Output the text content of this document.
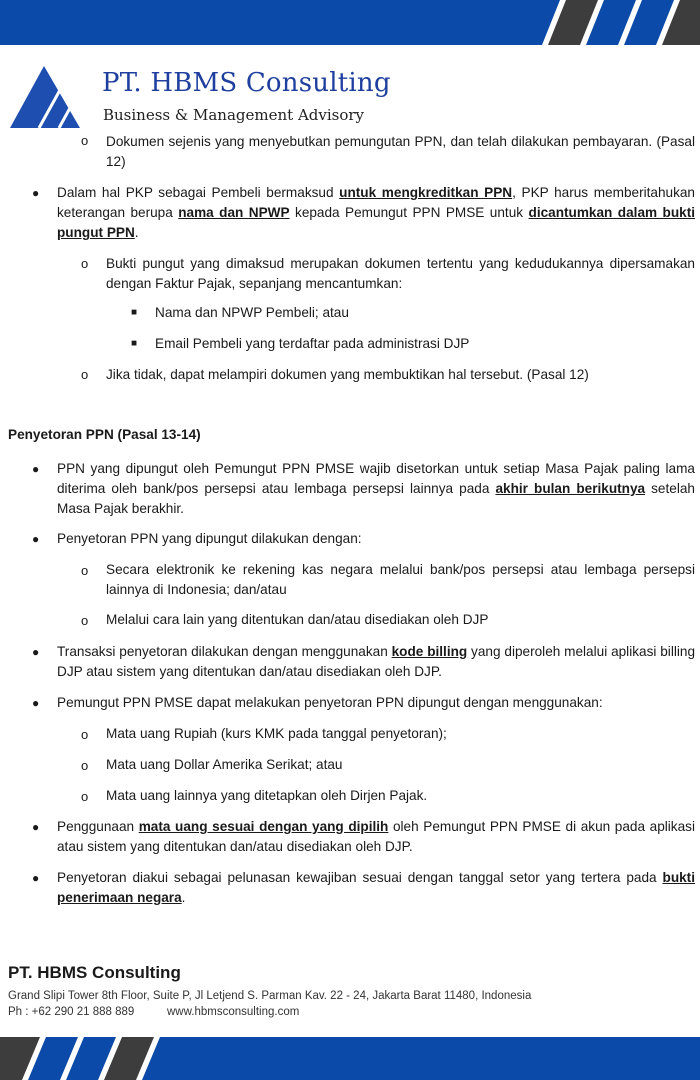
PT. HBMS Consulting
Business & Management Advisory
o Dokumen sejenis yang menyebutkan pemungutan PPN, dan telah dilakukan pembayaran. (Pasal 12)
● Dalam hal PKP sebagai Pembeli bermaksud untuk mengkreditkan PPN, PKP harus memberitahukan keterangan berupa nama dan NPWP kepada Pemungut PPN PMSE untuk dicantumkan dalam bukti pungut PPN.
o Bukti pungut yang dimaksud merupakan dokumen tertentu yang kedudukannya dipersamakan dengan Faktur Pajak, sepanjang mencantumkan:
■ Nama dan NPWP Pembeli; atau
■ Email Pembeli yang terdaftar pada administrasi DJP
o Jika tidak, dapat melampiri dokumen yang membuktikan hal tersebut. (Pasal 12)
Penyetoran PPN (Pasal 13-14)
● PPN yang dipungut oleh Pemungut PPN PMSE wajib disetorkan untuk setiap Masa Pajak paling lama diterima oleh bank/pos persepsi atau lembaga persepsi lainnya pada akhir bulan berikutnya setelah Masa Pajak berakhir.
● Penyetoran PPN yang dipungut dilakukan dengan:
o Secara elektronik ke rekening kas negara melalui bank/pos persepsi atau lembaga persepsi lainnya di Indonesia; dan/atau
o Melalui cara lain yang ditentukan dan/atau disediakan oleh DJP
● Transaksi penyetoran dilakukan dengan menggunakan kode billing yang diperoleh melalui aplikasi billing DJP atau sistem yang ditentukan dan/atau disediakan oleh DJP.
● Pemungut PPN PMSE dapat melakukan penyetoran PPN dipungut dengan menggunakan:
o Mata uang Rupiah (kurs KMK pada tanggal penyetoran);
o Mata uang Dollar Amerika Serikat; atau
o Mata uang lainnya yang ditetapkan oleh Dirjen Pajak.
● Penggunaan mata uang sesuai dengan yang dipilih oleh Pemungut PPN PMSE di akun pada aplikasi atau sistem yang ditentukan dan/atau disediakan oleh DJP.
● Penyetoran diakui sebagai pelunasan kewajiban sesuai dengan tanggal setor yang tertera pada bukti penerimaan negara.
PT. HBMS Consulting
Grand Slipi Tower 8th Floor, Suite P, Jl Letjend S. Parman Kav. 22 - 24, Jakarta Barat 11480, Indonesia
Ph : +62 290 21 888 889	www.hbmsconsulting.com
